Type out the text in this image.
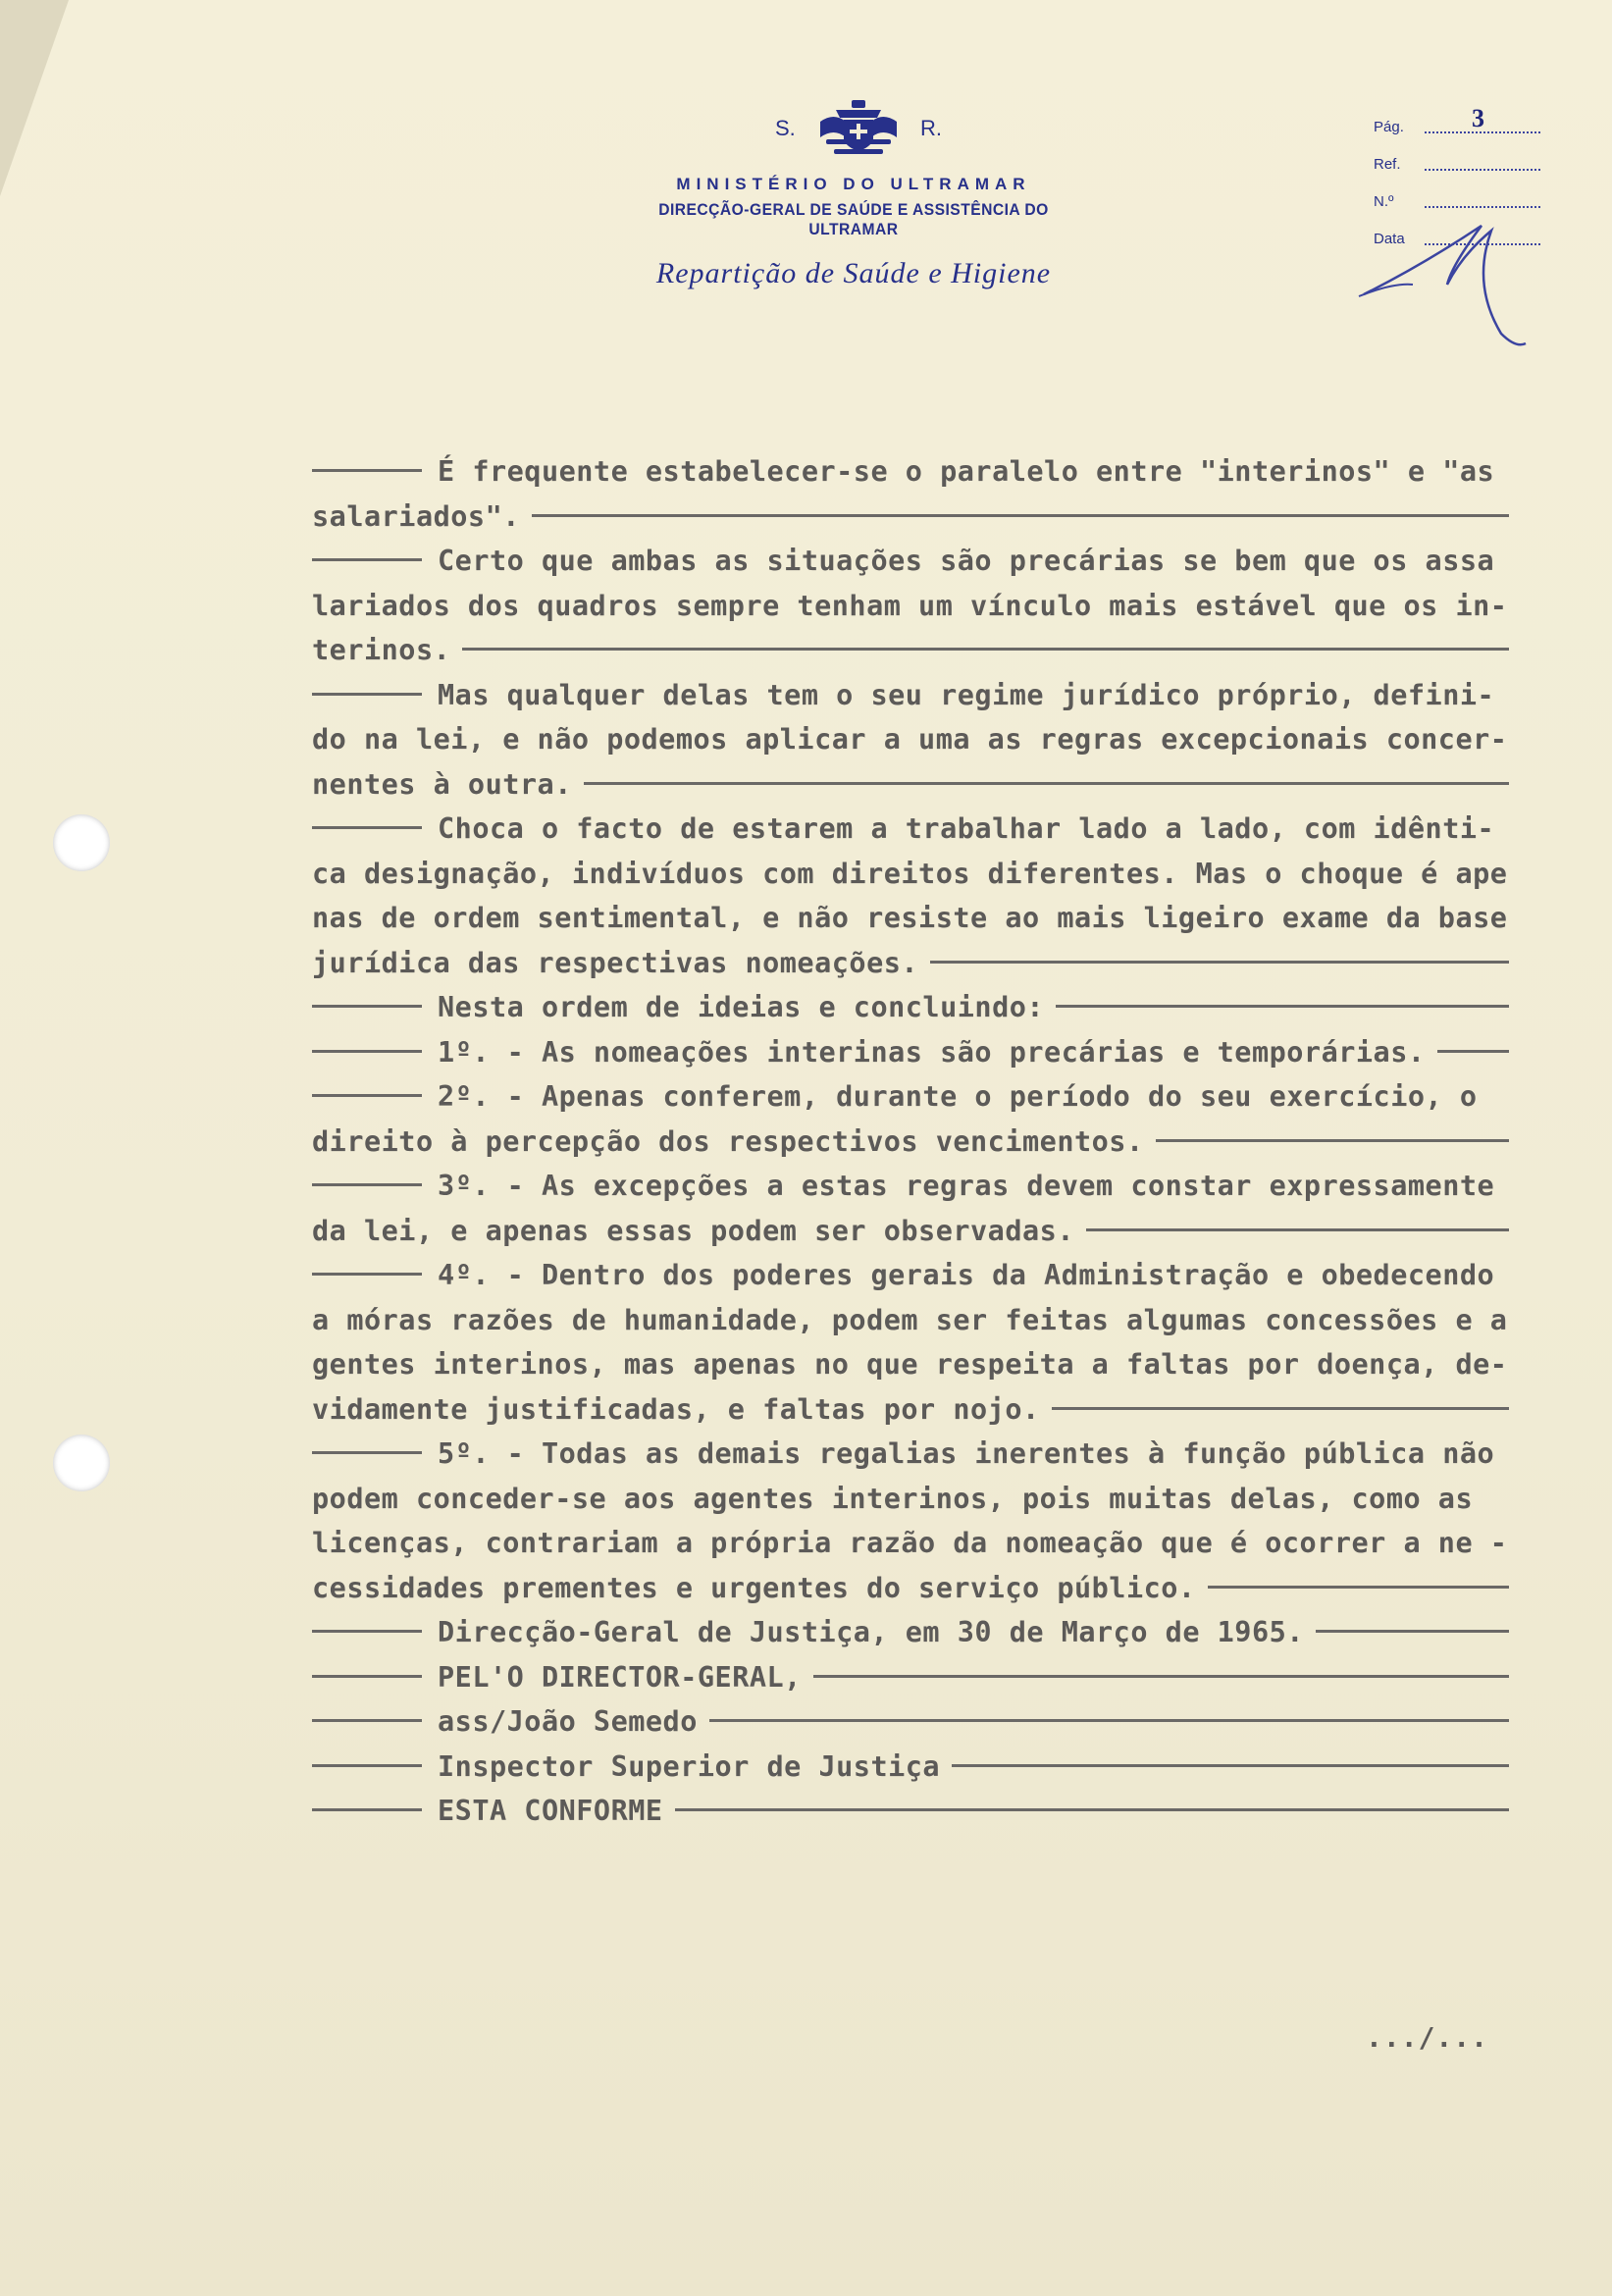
S.	R.
MINISTÉRIO DO ULTRAMAR
DIRECÇÃO-GERAL DE SAÚDE E ASSISTÊNCIA DO ULTRAMAR
Repartição de Saúde e Higiene
Pág.	3
Ref.
N.º
Data
É frequente estabelecer-se o paralelo entre "interinos" e "as
salariados".
Certo que ambas as situações são precárias se bem que os assa
lariados dos quadros sempre tenham um vínculo mais estável que os in-
terinos.
Mas qualquer delas tem o seu regime jurídico próprio, defini-
do na lei, e não podemos aplicar a uma as regras excepcionais concer-
nentes à outra.
Choca o facto de estarem a trabalhar lado a lado, com idênti-
ca designação, indivíduos com direitos diferentes. Mas o choque é ape
nas de ordem sentimental, e não resiste ao mais ligeiro exame da base
jurídica das respectivas nomeações.
Nesta ordem de ideias e concluindo:
1º. - As nomeações interinas são precárias e temporárias.
2º. - Apenas conferem, durante o período do seu exercício, o
direito à percepção dos respectivos vencimentos.
3º. - As excepções a estas regras devem constar expressamente
da lei, e apenas essas podem ser observadas.
4º. - Dentro dos poderes gerais da Administração e obedecendo
a móras razões de humanidade, podem ser feitas algumas concessões e a
gentes interinos, mas apenas no que respeita a faltas por doença, de-
vidamente justificadas, e faltas por nojo.
5º. - Todas as demais regalias inerentes à função pública não
podem conceder-se aos agentes interinos, pois muitas delas, como as
licenças, contrariam a própria razão da nomeação que é ocorrer a ne -
cessidades prementes e urgentes do serviço público.
Direcção-Geral de Justiça, em 30 de Março de 1965.
PEL'O DIRECTOR-GERAL,
ass/João Semedo
Inspector Superior de Justiça
ESTA CONFORME
.../...
